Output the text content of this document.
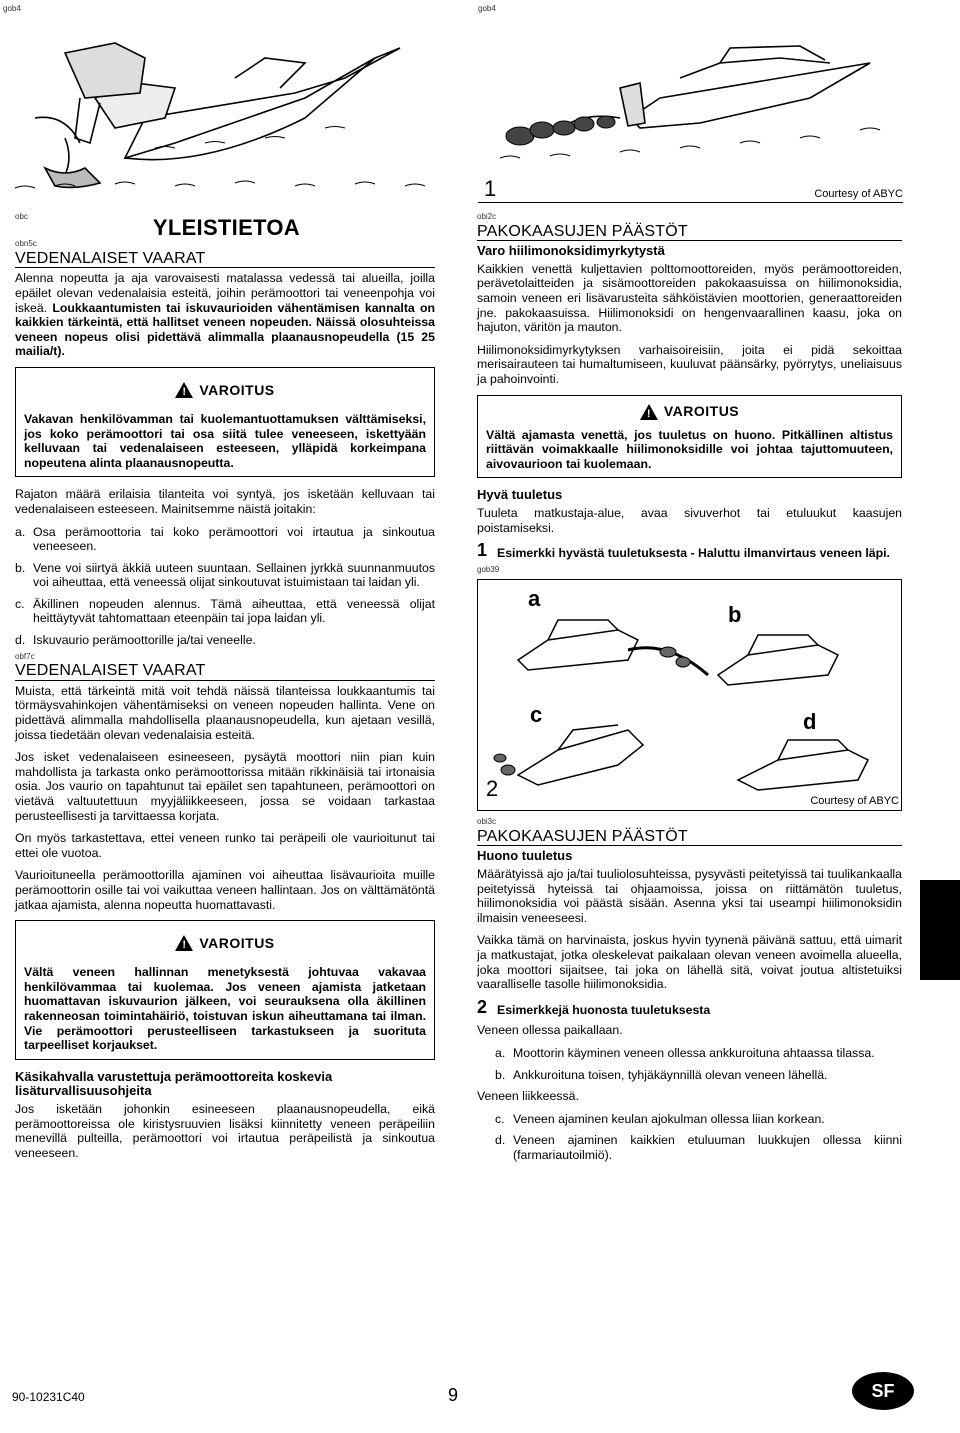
gob4	gob4
1	Courtesy of ABYC
obc	YLEISTIETOA
obn5c
VEDENALAISET VAARAT

Alenna nopeutta ja aja varovaisesti matalassa vedessä tai alueilla, joilla epäilet olevan vedenalaisia esteitä, joihin perämoottori tai veneenpohja voi iskeä. Loukkaantumisten tai iskuvaurioiden vähentämisen kannalta on kaikkien tärkeintä, että hallitset veneen nopeuden. Näissä olosuhteissa veneen nopeus olisi pidettävä alimmalla plaanausnopeudella (15 25 mailia/t).

! VAROITUS
Vakavan henkilövamman tai kuolemantuottamuksen välttämiseksi, jos koko perämoottori tai osa siitä tulee veneeseen, iskettyään kelluvaan tai vedenalaiseen esteeseen, ylläpidä korkeimpana nopeutena alinta plaanausnopeutta.

Rajaton määrä erilaisia tilanteita voi syntyä, jos isketään kelluvaan tai vedenalaiseen esteeseen. Mainitsemme näistä joitakin:

a. Osa perämoottoria tai koko perämoottori voi irtautua ja sinkoutua veneeseen.
b. Vene voi siirtyä äkkiä uuteen suuntaan. Sellainen jyrkkä suunnanmuutos voi aiheuttaa, että veneessä olijat sinkoutuvat istuimistaan tai laidan yli.
c. Äkillinen nopeuden alennus. Tämä aiheuttaa, että veneessä olijat heittäytyvät tahtomattaan eteenpäin tai jopa laidan yli.
d. Iskuvaurio perämoottorille ja/tai veneelle.
obf7c
VEDENALAISET VAARAT

Muista, että tärkeintä mitä voit tehdä näissä tilanteissa loukkaantumis tai törmäysvahinkojen vähentämiseksi on veneen nopeuden hallinta. Vene on pidettävä alimmalla mahdollisella plaanausnopeudella, kun ajetaan vesillä, joissa tiedetään olevan vedenalaisia esteitä.

Jos isket vedenalaiseen esineeseen, pysäytä moottori niin pian kuin mahdollista ja tarkasta onko perämoottorissa mitään rikkinäisiä tai irtonaisia osia. Jos vaurio on tapahtunut tai epäilet sen tapahtuneen, perämoottori on vietävä valtuutettuun myyjäliikkeeseen, jossa se voidaan tarkastaa perusteellisesti ja tarvittaessa korjata.

On myös tarkastettava, ettei veneen runko tai peräpeili ole vaurioitunut tai ettei ole vuotoa.

Vaurioituneella perämoottorilla ajaminen voi aiheuttaa lisävaurioita muille perämoottorin osille tai voi vaikuttaa veneen hallintaan. Jos on välttämätöntä jatkaa ajamista, alenna nopeutta huomattavasti.

! VAROITUS
Vältä veneen hallinnan menetyksestä johtuvaa vakavaa henkilövammaa tai kuolemaa. Jos veneen ajamista jatketaan huomattavan iskuvaurion jälkeen, voi seurauksena olla äkillinen rakenneosan toimintahäiriö, toistuvan iskun aiheuttamana tai ilman. Vie perämoottori perusteelliseen tarkastukseen ja suorituta tarpeelliset korjaukset.
Käsikahvalla varustettuja perämoottoreita koskevia lisäturvallisuusohjeita

Jos isketään johonkin esineeseen plaanausnopeudella, eikä perämoottoreissa ole kiristysruuvien lisäksi kiinnitetty veneen peräpeiliin menevillä pulteilla, perämoottori voi irtautua peräpeilistä ja sinkoutua veneeseen.

obi2c
PAKOKAASUJEN PÄÄSTÖT
Varo hiilimonoksidimyrkytystä

Kaikkien venettä kuljettavien polttomoottoreiden, myös perämoottoreiden, perävetolaitteiden ja sisämoottoreiden pakokaasuissa on hiilimonoksidia, samoin veneen eri lisävarusteita sähköistävien moottorien, generaattoreiden jne. pakokaasuissa. Hiilimonoksidi on hengenvaarallinen kaasu, joka on hajuton, väritön ja mauton.

Hiilimonoksidimyrkytyksen varhaisoireisiin, joita ei pidä sekoittaa merisairauteen tai humaltumiseen, kuuluvat päänsärky, pyörrytys, uneliaisuus ja pahoinvointi.

! VAROITUS
Vältä ajamasta venettä, jos tuuletus on huono. Pitkällinen altistus riittävän voimakkaalle hiilimonoksidille voi johtaa tajuttomuuteen, aivovaurioon tai kuolemaan.
Hyvä tuuletus

Tuuleta matkustaja-alue, avaa sivuverhot tai etuluukut kaasujen poistamiseksi.

1 Esimerkki hyvästä tuuletuksesta - Haluttu ilmanvirtaus veneen läpi.
gob39
a
b
c	d
2	Courtesy of ABYC
obi3c
PAKOKAASUJEN PÄÄSTÖT
Huono tuuletus

Määrätyissä ajo ja/tai tuuliolosuhteissa, pysyvästi peitetyissä tai tuulikankaalla peitetyissä hyteissä tai ohjaamoissa, joissa on riittämätön tuuletus, hiilimonoksidia voi päästä sisään. Asenna yksi tai useampi hiilimonoksidin ilmaisin veneeseesi.

Vaikka tämä on harvinaista, joskus hyvin tyynenä päivänä sattuu, että uimarit ja matkustajat, jotka oleskelevat paikalaan olevan veneen avoimella alueella, joka moottori sijaitsee, tai joka on lähellä sitä, voivat joutua altistetuiksi vaaralliselle tasolle hiilimonoksidia.

2 Esimerkkejä huonosta tuuletuksesta

Veneen ollessa paikallaan.

a. Moottorin käyminen veneen ollessa ankkuroituna ahtaassa tilassa.
b. Ankkuroituna toisen, tyhjäkäynnillä olevan veneen lähellä.

Veneen liikkeessä.

c. Veneen ajaminen keulan ajokulman ollessa liian korkean.
d. Veneen ajaminen kaikkien etuluuman luukkujen ollessa kiinni (farmariautoilmiö).
90-10231C40	9	SF
